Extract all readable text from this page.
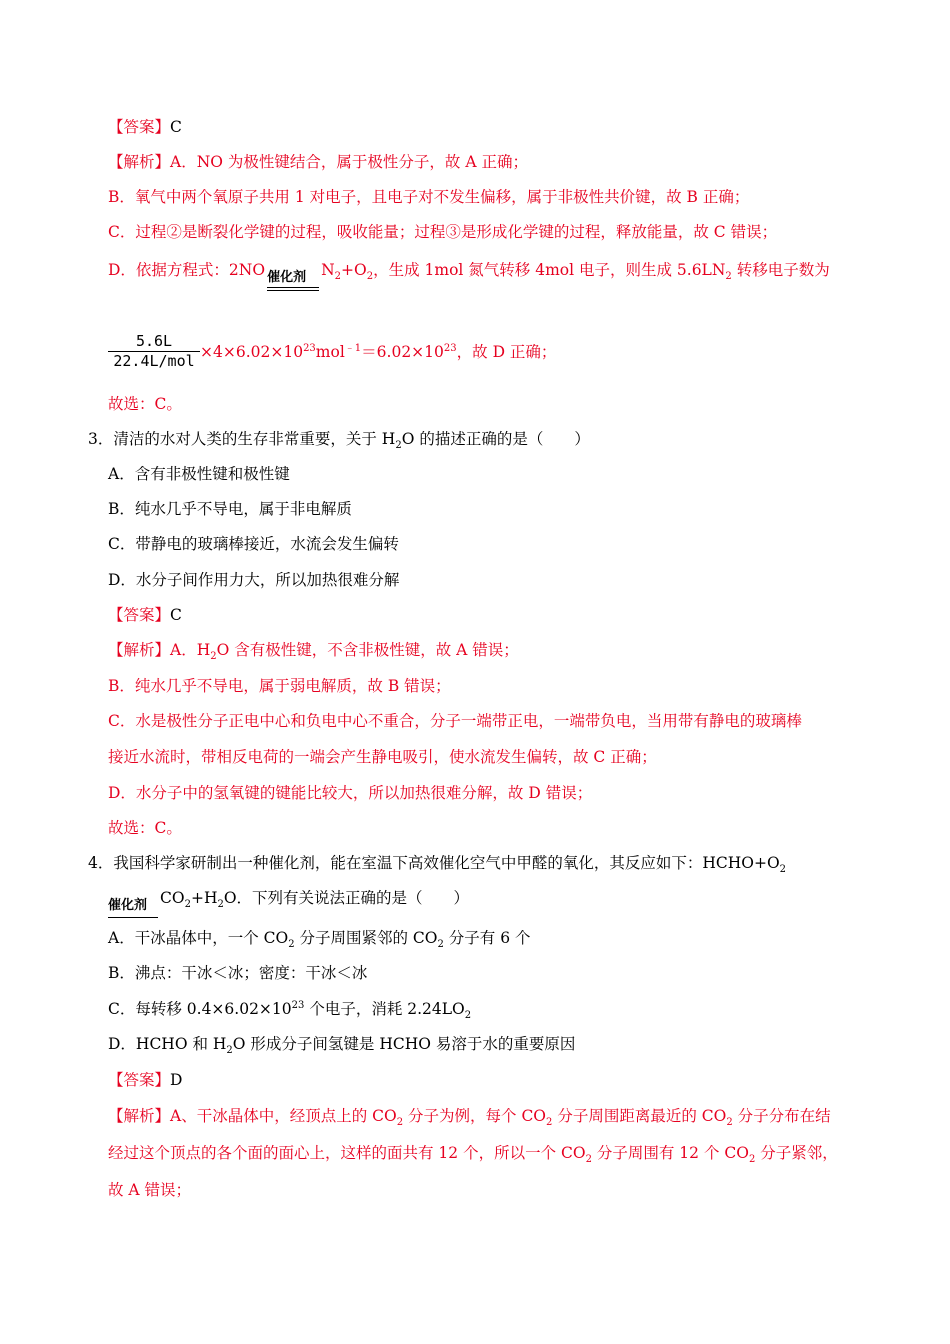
【答案】C
【解析】A．NO 为极性键结合，属于极性分子，故 A 正确；
B．氧气中两个氧原子共用 1 对电子，且电子对不发生偏移，属于非极性共价键，故 B 正确；
C．过程②是断裂化学键的过程，吸收能量；过程③是形成化学键的过程，释放能量，故 C 错误；
D．依据方程式：2NO 催化剂 $N_2+O_2$，生成 1mol 氮气转移 4mol 电子，则生成 $5.6LN_2$ 转移电子数为
5.6L
$22.4L/mol \times 4\times 6.02\times 10^{23}mol^{﹣1}=6.02\times 10^{23}$，故 D 正确；
故选：C。
3．清洁的水对人类的生存非常重要，关于 $H_2O$ 的描述正确的是（　　）
A．含有非极性键和极性键
B．纯水几乎不导电，属于非电解质
C．带静电的玻璃棒接近，水流会发生偏转
D．水分子间作用力大，所以加热很难分解
【答案】C
【解析】A．$H_2O$ 含有极性键，不含非极性键，故 A 错误；
B．纯水几乎不导电，属于弱电解质，故 B 错误；
C．水是极性分子正电中心和负电中心不重合，分子一端带正电，一端带负电，当用带有静电的玻璃棒
接近水流时，带相反电荷的一端会产生静电吸引，使水流发生偏转，故 C 正确；
D．水分子中的氢氧键的键能比较大，所以加热很难分解，故 D 错误；
故选：C。
4．我国科学家研制出一种催化剂，能在室温下高效催化空气中甲醛的氧化，其反应如下：$HCHO+O_2$
催化剂 $CO_2+H_2O$．下列有关说法正确的是（　　）
A．干冰晶体中，一个 $CO_2$ 分子周围紧邻的 $CO_2$ 分子有 6 个
B．沸点：干冰＜冰；密度：干冰＜冰
C．每转移 $0.4\times 6.02\times 10^{23}$ 个电子，消耗 $2.24LO_2$
D．HCHO 和 $H_2O$ 形成分子间氢键是 HCHO 易溶于水的重要原因
【答案】D
【解析】A、干冰晶体中，经顶点上的 $CO_2$ 分子为例，每个 $CO_2$ 分子周围距离最近的 $CO_2$ 分子分布在结
经过这个顶点的各个面的面心上，这样的面共有 12 个，所以一个 $CO_2$ 分子周围有 12 个 $CO_2$ 分子紧邻，
故 A 错误；
